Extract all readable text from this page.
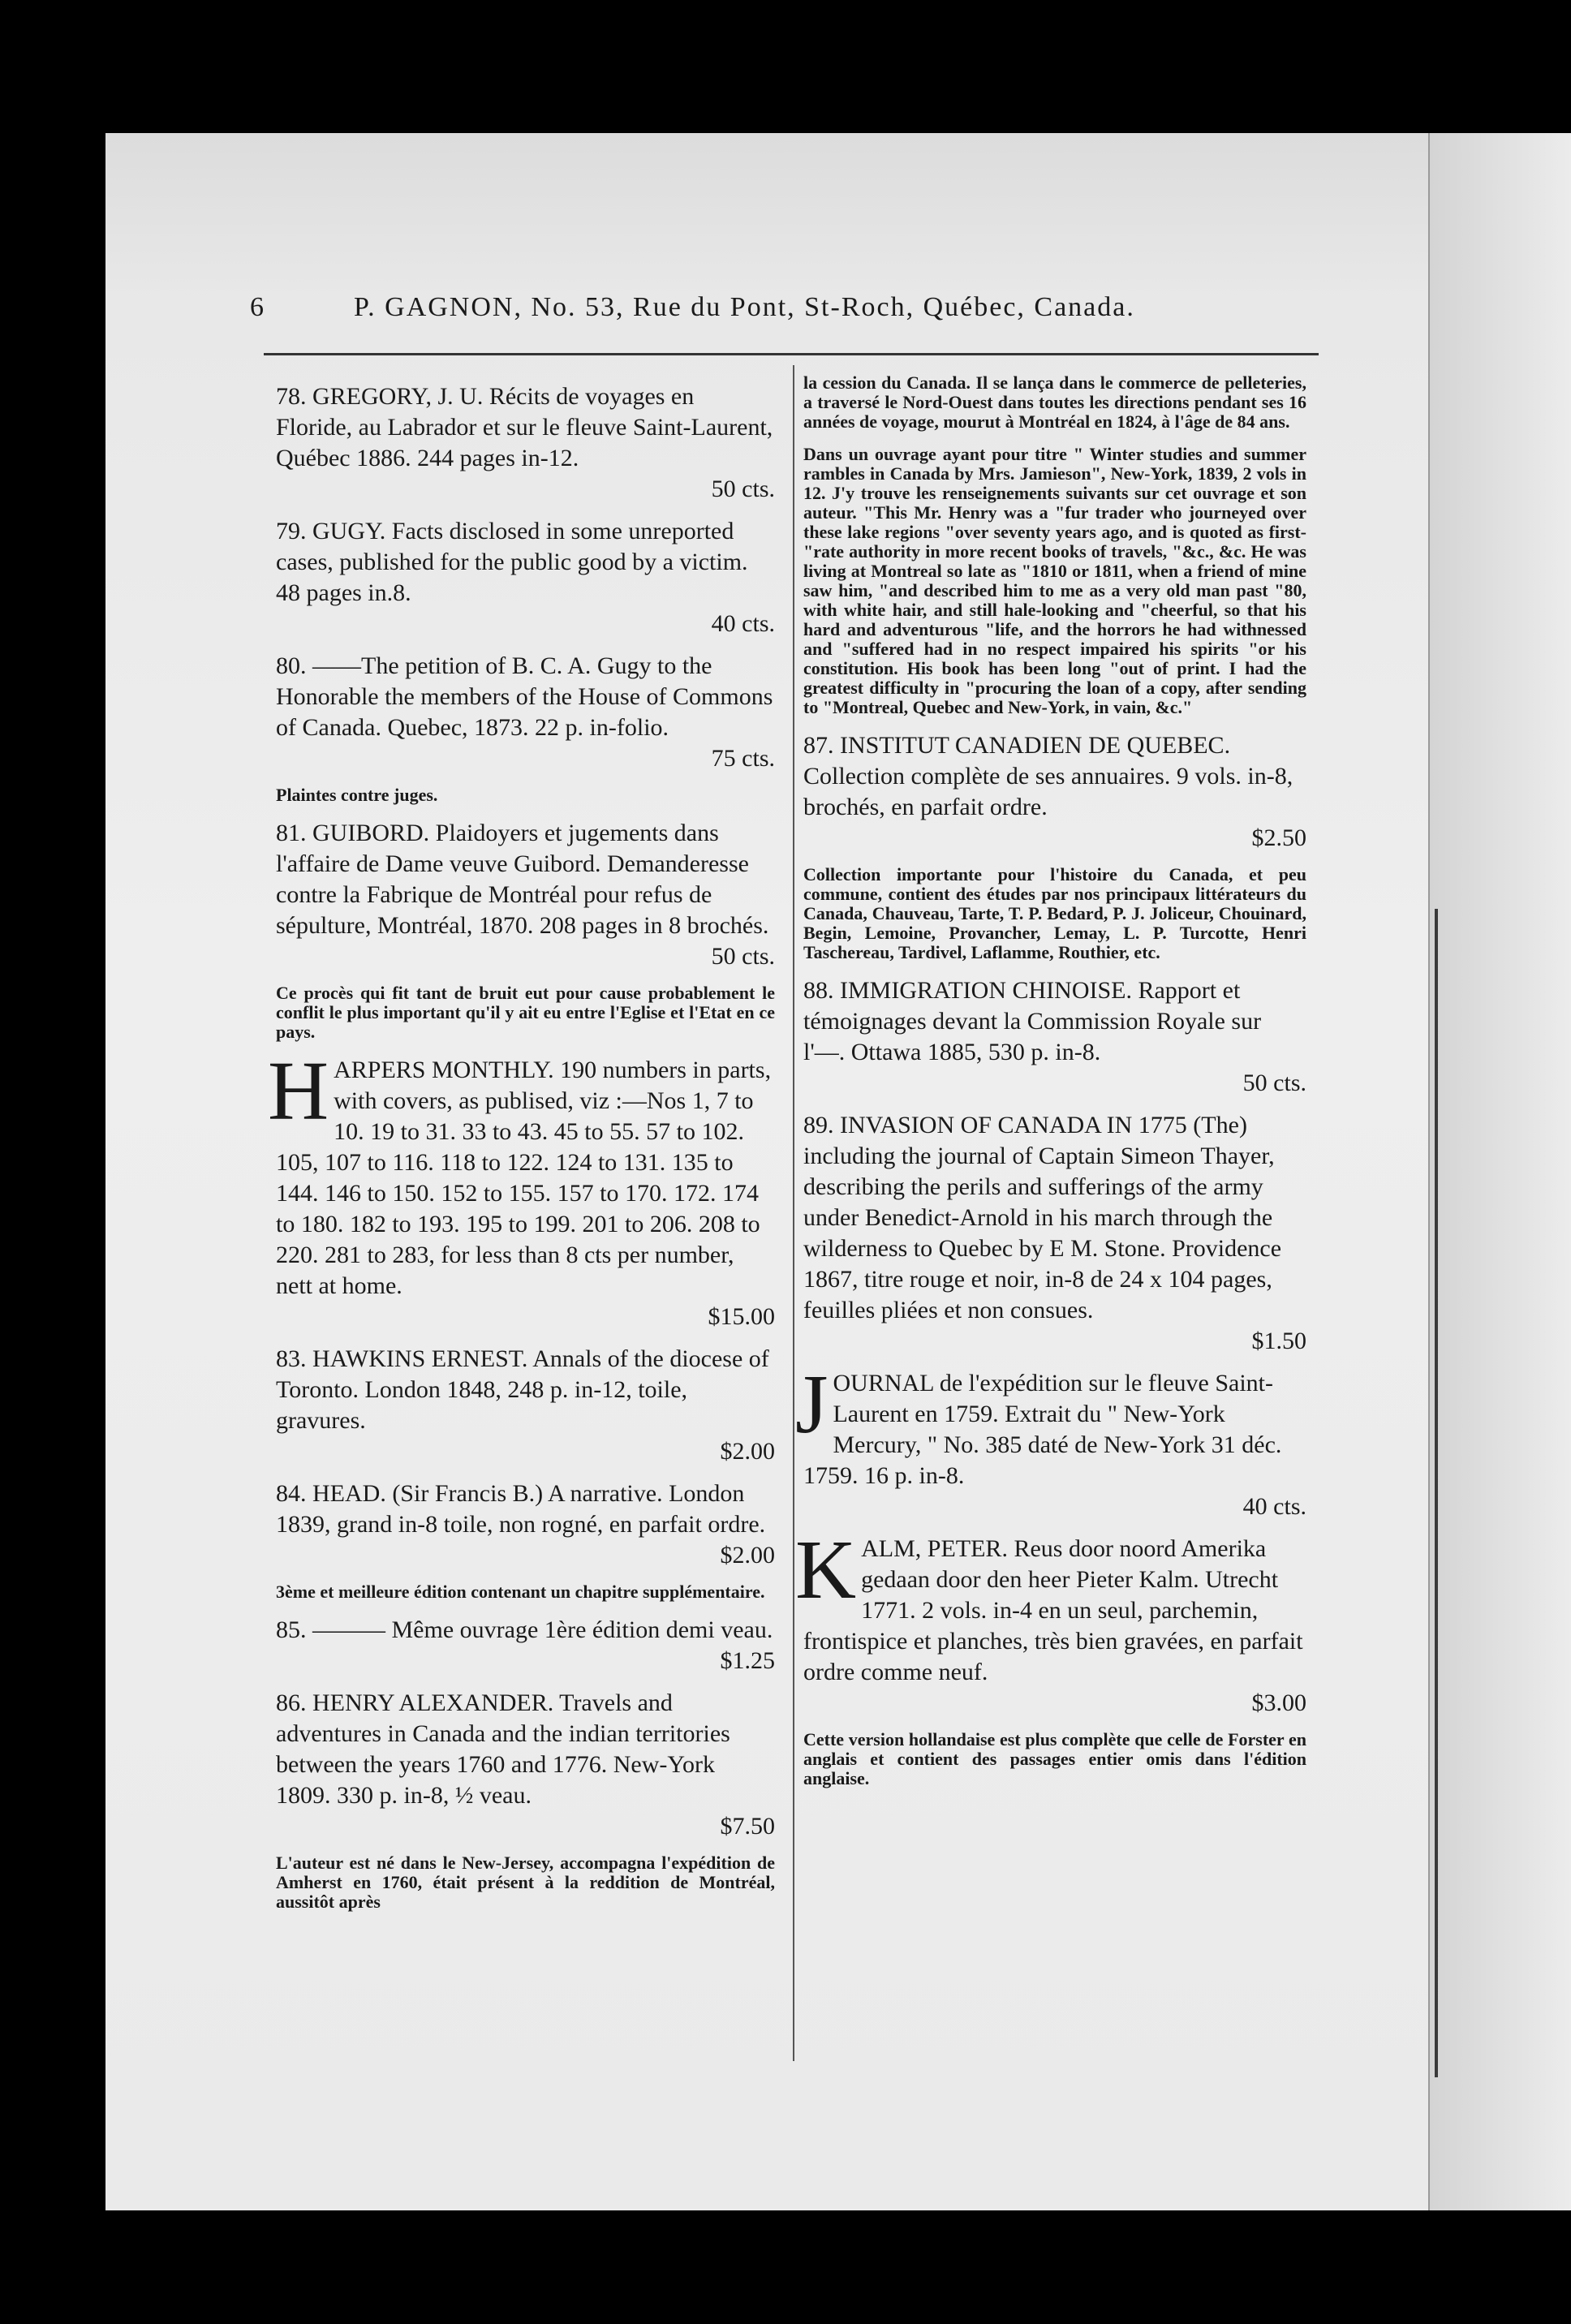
6	P. GAGNON, No. 53, Rue du Pont, St-Roch, Québec, Canada.
78. GREGORY, J. U. Récits de voyages en Floride, au Labrador et sur le fleuve Saint-Laurent, Québec 1886. 244 pages in-12.
50 cts.
79. GUGY. Facts disclosed in some unreported cases, published for the public good by a victim. 48 pages in.8.
40 cts.
80. ——The petition of B. C. A. Gugy to the Honorable the members of the House of Commons of Canada. Quebec, 1873. 22 p. in-folio.
75 cts.
Plaintes contre juges.
81. GUIBORD. Plaidoyers et jugements dans l'affaire de Dame veuve Guibord. Demanderesse contre la Fabrique de Montréal pour refus de sépulture, Montréal, 1870. 208 pages in 8 brochés.
50 cts.
Ce procès qui fit tant de bruit eut pour cause probablement le conflit le plus important qu'il y ait eu entre l'Eglise et l'Etat en ce pays.
H ARPERS MONTHLY. 190 numbers in parts, with covers, as publised, viz :—Nos 1, 7 to 10. 19 to 31. 33 to 43. 45 to 55. 57 to 102. 105, 107 to 116. 118 to 122. 124 to 131. 135 to 144. 146 to 150. 152 to 155. 157 to 170. 172. 174 to 180. 182 to 193. 195 to 199. 201 to 206. 208 to 220. 281 to 283, for less than 8 cts per number, nett at home.
$15.00
83. HAWKINS ERNEST. Annals of the diocese of Toronto. London 1848, 248 p. in-12, toile, gravures.
$2.00
84. HEAD. (Sir Francis B.) A narrative. London 1839, grand in-8 toile, non rogné, en parfait ordre.
$2.00
3ème et meilleure édition contenant un chapitre supplémentaire.
85. ——— Même ouvrage 1ère édition demi veau.
$1.25
86. HENRY ALEXANDER. Travels and adventures in Canada and the indian territories between the years 1760 and 1776. New-York 1809. 330 p. in-8, ½ veau.
$7.50
L'auteur est né dans le New-Jersey, accompagna l'expédition de Amherst en 1760, était présent à la reddition de Montréal, aussitôt après
la cession du Canada. Il se lança dans le commerce de pelleteries, a traversé le Nord-Ouest dans toutes les directions pendant ses 16 années de voyage, mourut à Montréal en 1824, à l'âge de 84 ans.
Dans un ouvrage ayant pour titre " Winter studies and summer rambles in Canada by Mrs. Jamieson", New-York, 1839, 2 vols in 12. J'y trouve les renseignements suivants sur cet ouvrage et son auteur. "This Mr. Henry was a "fur trader who journeyed over these lake regions "over seventy years ago, and is quoted as first-"rate authority in more recent books of travels, "&c., &c. He was living at Montreal so late as "1810 or 1811, when a friend of mine saw him, "and described him to me as a very old man past "80, with white hair, and still hale-looking and "cheerful, so that his hard and adventurous "life, and the horrors he had withnessed and "suffered had in no respect impaired his spirits "or his constitution. His book has been long "out of print. I had the greatest difficulty in "procuring the loan of a copy, after sending to "Montreal, Quebec and New-York, in vain, &c."
87. INSTITUT CANADIEN DE QUEBEC. Collection complète de ses annuaires. 9 vols. in-8, brochés, en parfait ordre.
$2.50
Collection importante pour l'histoire du Canada, et peu commune, contient des études par nos principaux littérateurs du Canada, Chauveau, Tarte, T. P. Bedard, P. J. Joliceur, Chouinard, Begin, Lemoine, Provancher, Lemay, L. P. Turcotte, Henri Taschereau, Tardivel, Laflamme, Routhier, etc.
88. IMMIGRATION CHINOISE. Rapport et témoignages devant la Commission Royale sur l'—. Ottawa 1885, 530 p. in-8.
50 cts.
89. INVASION OF CANADA IN 1775 (The) including the journal of Captain Simeon Thayer, describing the perils and sufferings of the army under Benedict-Arnold in his march through the wilderness to Quebec by E M. Stone. Providence 1867, titre rouge et noir, in-8 de 24 x 104 pages, feuilles pliées et non consues.
$1.50
J OURNAL de l'expédition sur le fleuve Saint-Laurent en 1759. Extrait du " New-York Mercury, " No. 385 daté de New-York 31 déc. 1759. 16 p. in-8.
40 cts.
K ALM, PETER. Reus door noord Amerika gedaan door den heer Pieter Kalm. Utrecht 1771. 2 vols. in-4 en un seul, parchemin, frontispice et planches, très bien gravées, en parfait ordre comme neuf.
$3.00
Cette version hollandaise est plus complète que celle de Forster en anglais et contient des passages entier omis dans l'édition anglaise.
